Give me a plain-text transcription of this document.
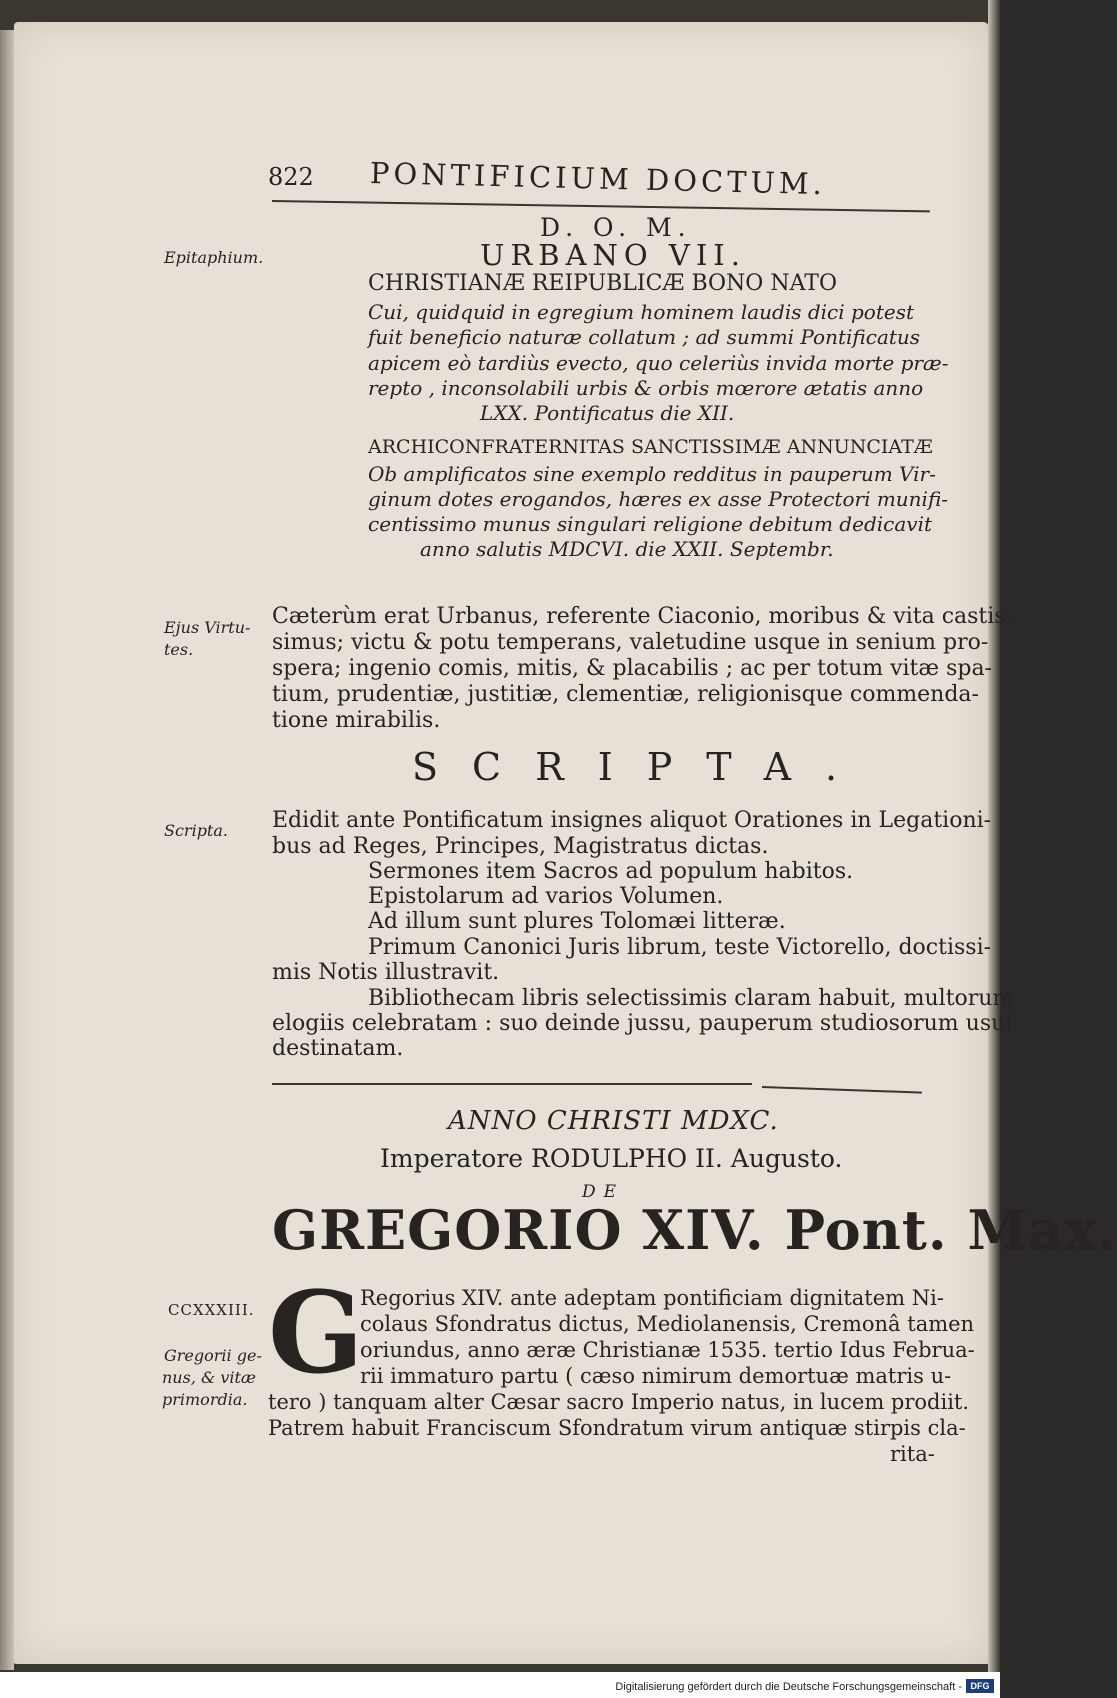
822 PONTIFICIUM DOCTUM.
Epitaphium.
Ejus Virtu-
tes.
Scripta.
CCXXXIII.
Gregorii ge-
nus, & vitæ
primordia.
D. O. M.
URBANO VII.
CHRISTIANÆ REIPUBLICÆ BONO NATO
Cui, quidquid in egregium hominem laudis dici potest
fuit beneficio naturæ collatum ; ad summi Pontificatus
apicem eò tardiùs evecto, quo celeriùs invida morte præ-
repto , inconsolabili urbis & orbis mœrore ætatis anno
LXX. Pontificatus die XII.
ARCHICONFRATERNITAS SANCTISSIMÆ ANNUNCIATÆ
Ob amplificatos sine exemplo redditus in pauperum Vir-
ginum dotes erogandos, hæres ex asse Protectori munifi-
centissimo munus singulari religione debitum dedicavit
anno salutis MDCVI. die XXII. Septembr.
Cæterùm erat Urbanus, referente Ciaconio, moribus & vita castis-
simus; victu & potu temperans, valetudine usque in senium pro-
spera; ingenio comis, mitis, & placabilis ; ac per totum vitæ spa-
tium, prudentiæ, justitiæ, clementiæ, religionisque commenda-
tione mirabilis.
SCRIPTA.
Edidit ante Pontificatum insignes aliquot Orationes in Legationi-
bus ad Reges, Principes, Magistratus dictas.
Sermones item Sacros ad populum habitos.
Epistolarum ad varios Volumen.
Ad illum sunt plures Tolomæi litteræ.
Primum Canonici Juris librum, teste Victorello, doctissi-
mis Notis illustravit.
Bibliothecam libris selectissimis claram habuit, multorum
elogiis celebratam : suo deinde jussu, pauperum studiosorum usui
destinatam.
ANNO CHRISTI MDXC.
Imperatore RODULPHO II. Augusto.
DE
GREGORIO XIV. Pont. Max.
G
Regorius XIV. ante adeptam pontificiam dignitatem Ni-
colaus Sfondratus dictus, Mediolanensis, Cremonâ tamen
oriundus, anno æræ Christianæ 1535. tertio Idus Februa-
rii immaturo partu ( cæso nimirum demortuæ matris u-
tero ) tanquam alter Cæsar sacro Imperio natus, in lucem prodiit.
Patrem habuit Franciscum Sfondratum virum antiquæ stirpis cla-
rita-
Digitalisierung gefördert durch die Deutsche Forschungsgemeinschaft - DFG
